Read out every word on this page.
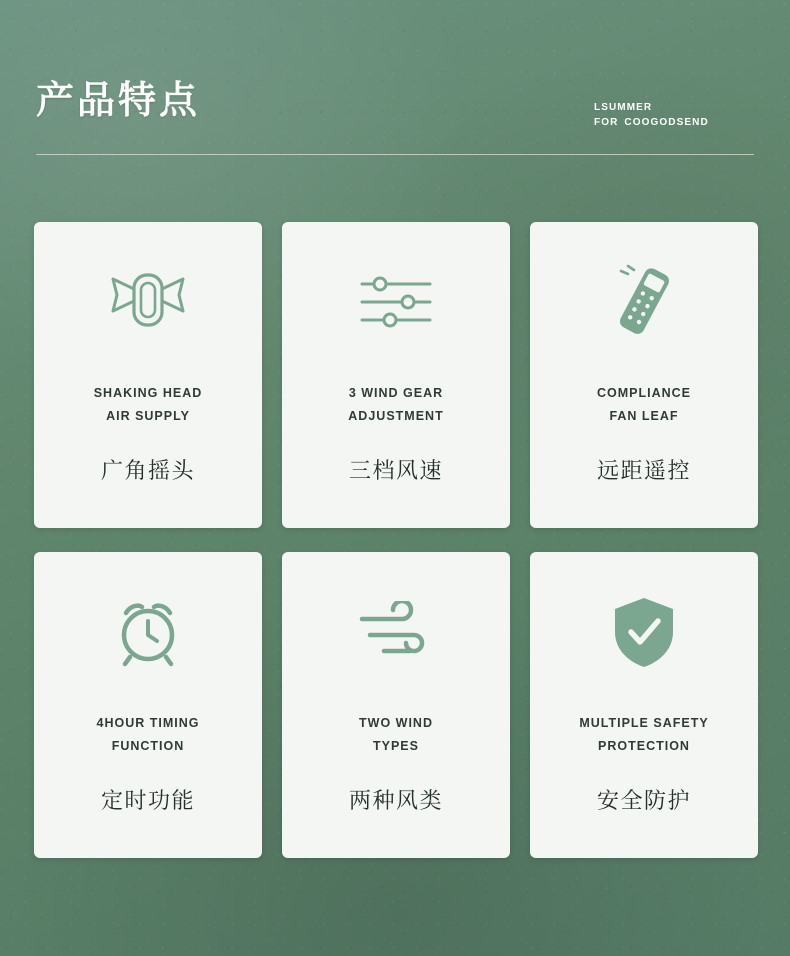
产品特点	LSUMMER
FOR COOGODSEND
SHAKING HEAD
AIR SUPPLY
广角摇头
3 WIND GEAR
ADJUSTMENT
三档风速
COMPLIANCE
FAN LEAF
远距遥控
4HOUR TIMING
FUNCTION
定时功能
TWO WIND
TYPES
两种风类
MULTIPLE SAFETY
PROTECTION
安全防护
